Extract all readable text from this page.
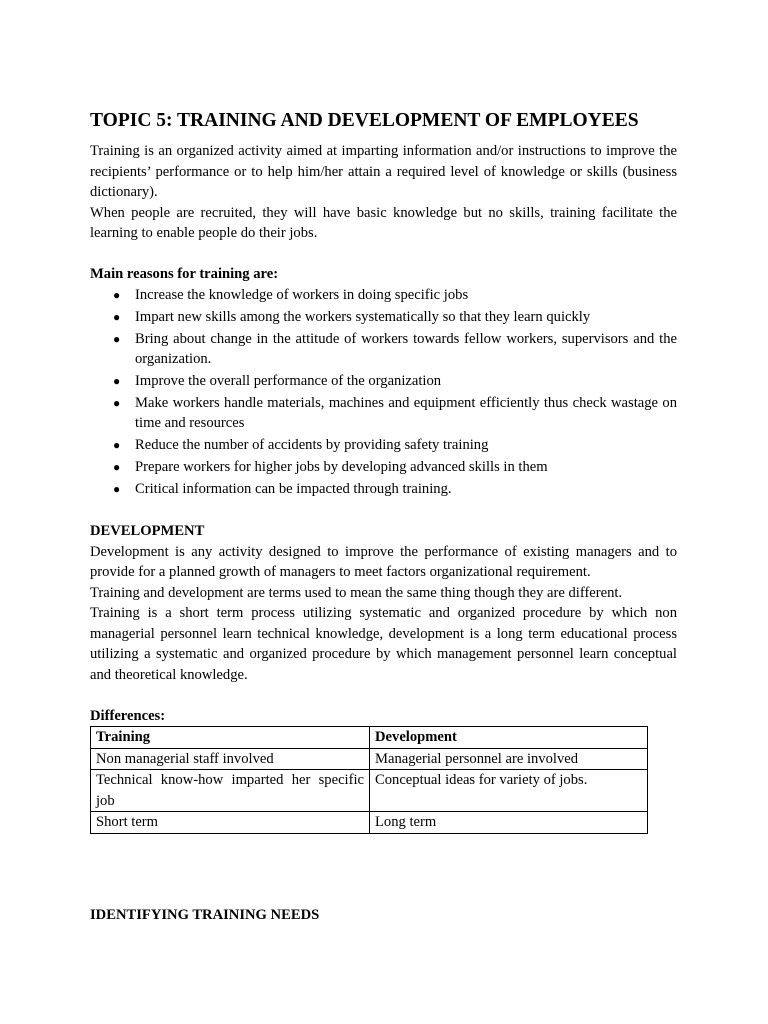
TOPIC 5: TRAINING AND DEVELOPMENT OF EMPLOYEES

Training is an organized activity aimed at imparting information and/or instructions to improve the recipients’ performance or to help him/her attain a required level of knowledge or skills (business dictionary).

When people are recruited, they will have basic knowledge but no skills, training facilitate the learning to enable people do their jobs.

Main reasons for training are:
● Increase the knowledge of workers in doing specific jobs
● Impart new skills among the workers systematically so that they learn quickly
● Bring about change in the attitude of workers towards fellow workers, supervisors and the organization.
● Improve the overall performance of the organization
● Make workers handle materials, machines and equipment efficiently thus check wastage on time and resources
● Reduce the number of accidents by providing safety training
● Prepare workers for higher jobs by developing advanced skills in them
● Critical information can be impacted through training.
DEVELOPMENT

Development is any activity designed to improve the performance of existing managers and to provide for a planned growth of managers to meet factors organizational requirement.

Training and development are terms used to mean the same thing though they are different.

Training is a short term process utilizing systematic and organized procedure by which non managerial personnel learn technical knowledge, development is a long term educational process utilizing a systematic and organized procedure by which management personnel learn conceptual and theoretical knowledge.

Differences:
Training	Development
Non managerial staff involved	Managerial personnel are involved
Technical know-how imparted her specific job	Conceptual ideas for variety of jobs.
Short term	Long term
IDENTIFYING TRAINING NEEDS
